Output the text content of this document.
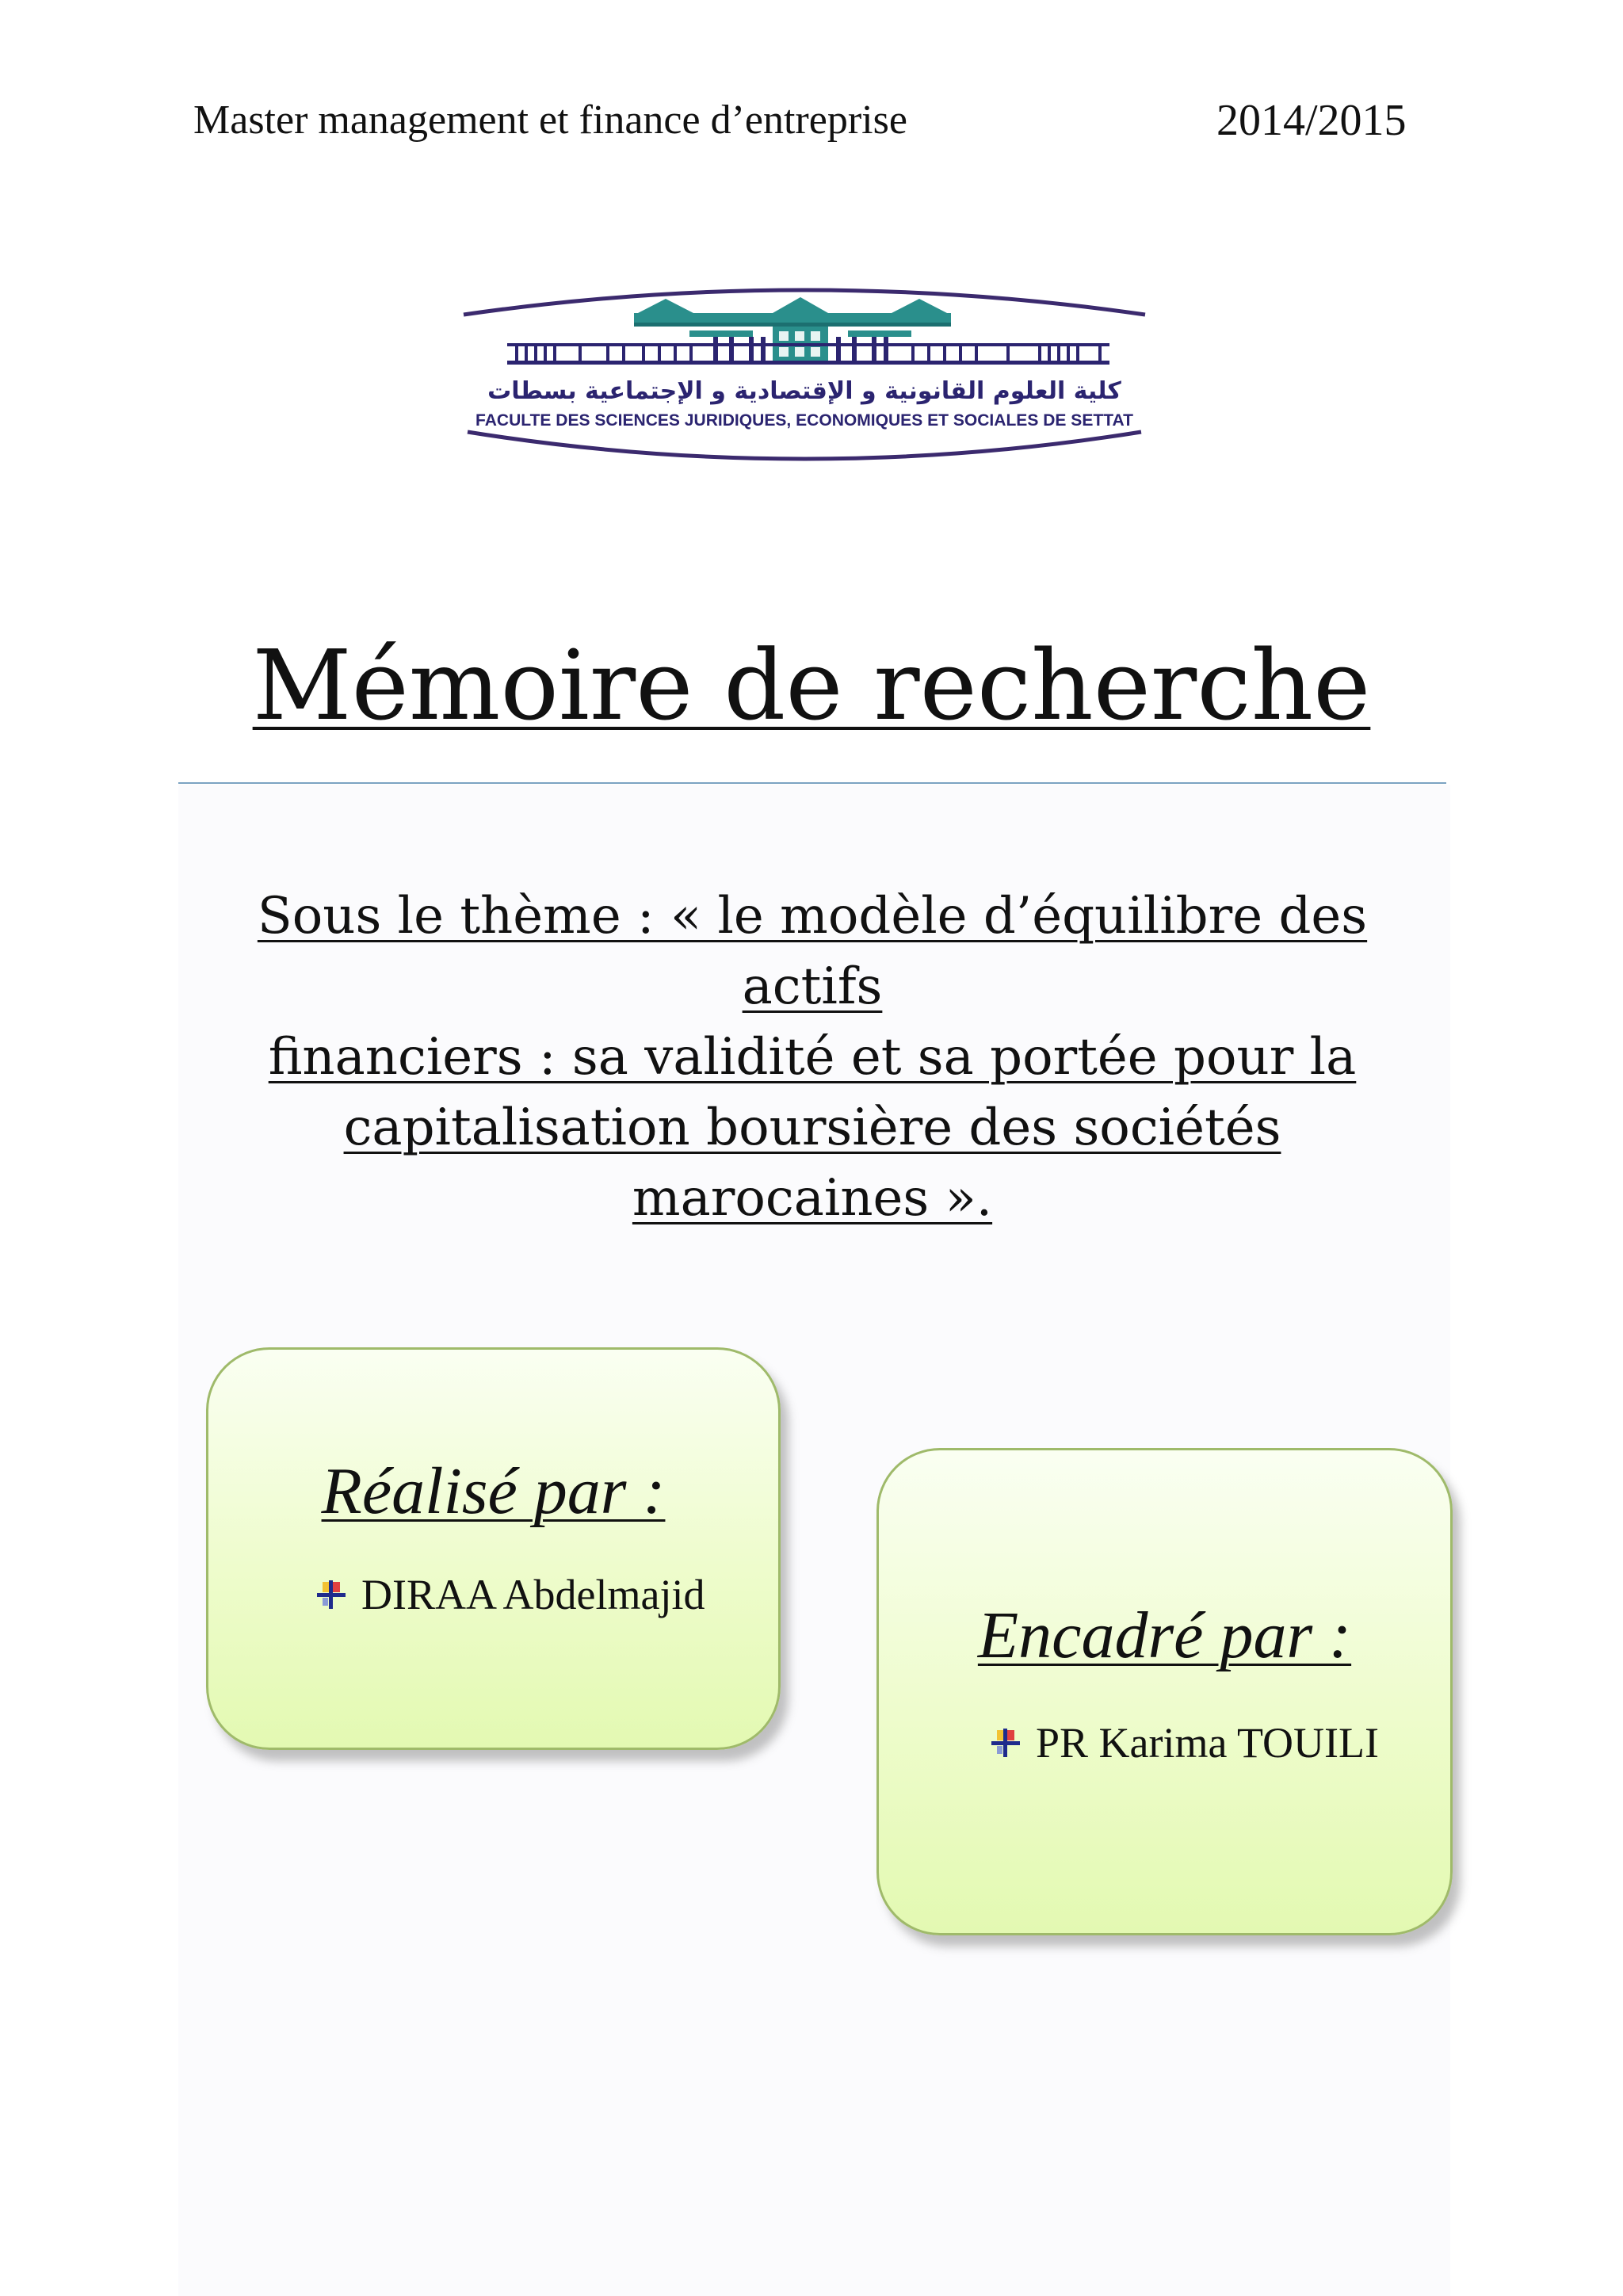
Master management et finance d’entreprise	2014/2015
كلية العلوم القانونية و الإقتصادية و الإجتماعية بسطات
FACULTE DES SCIENCES JURIDIQUES, ECONOMIQUES ET SOCIALES DE SETTAT
Mémoire de recherche
Sous le thème : « le modèle d’équilibre des actifs
financiers : sa validité et sa portée pour la
capitalisation boursière des sociétés
marocaines ».
Réalisé par :
DIRAA Abdelmajid
Encadré par :
PR Karima TOUILI
